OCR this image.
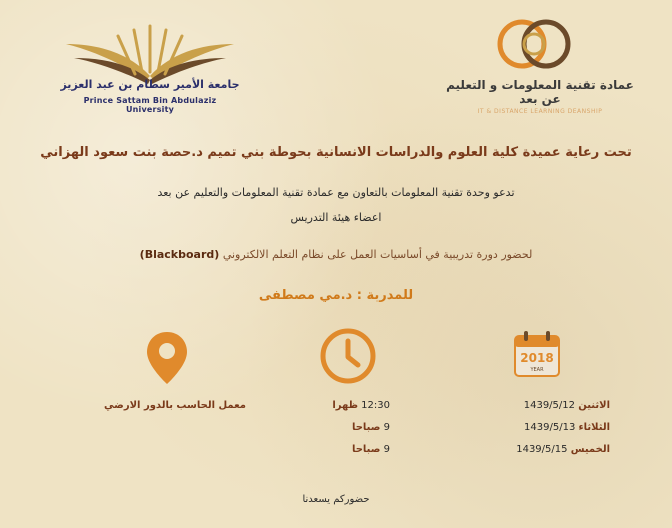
جامعة الأمير سطام بن عبد العزيز
Prince Sattam Bin Abdulaziz University
عمادة تقنية المعلومات و التعليم عن بعد
IT & DISTANCE LEARNING DEANSHIP
تحت رعاية عميدة كلية العلوم والدراسات الانسانية بحوطة بني تميم د.حصة بنت سعود الهزاني
تدعو وحدة تقنية المعلومات بالتعاون مع عمادة تقنية المعلومات والتعليم عن بعد
اعضاء هيئة التدريس
لحضور دورة تدريبية في أساسيات العمل على نظام التعلم الالكتروني (Blackboard)
للمدربة : د.مي مصطفى
2018
YEAR
معمل الحاسب بالدور الارضي	12:30 ظهرا
9 صباحا
9 صباحا
الاثنين 1439/5/12
الثلاثاء 1439/5/13
الخميس 1439/5/15
حضوركم يسعدنا
